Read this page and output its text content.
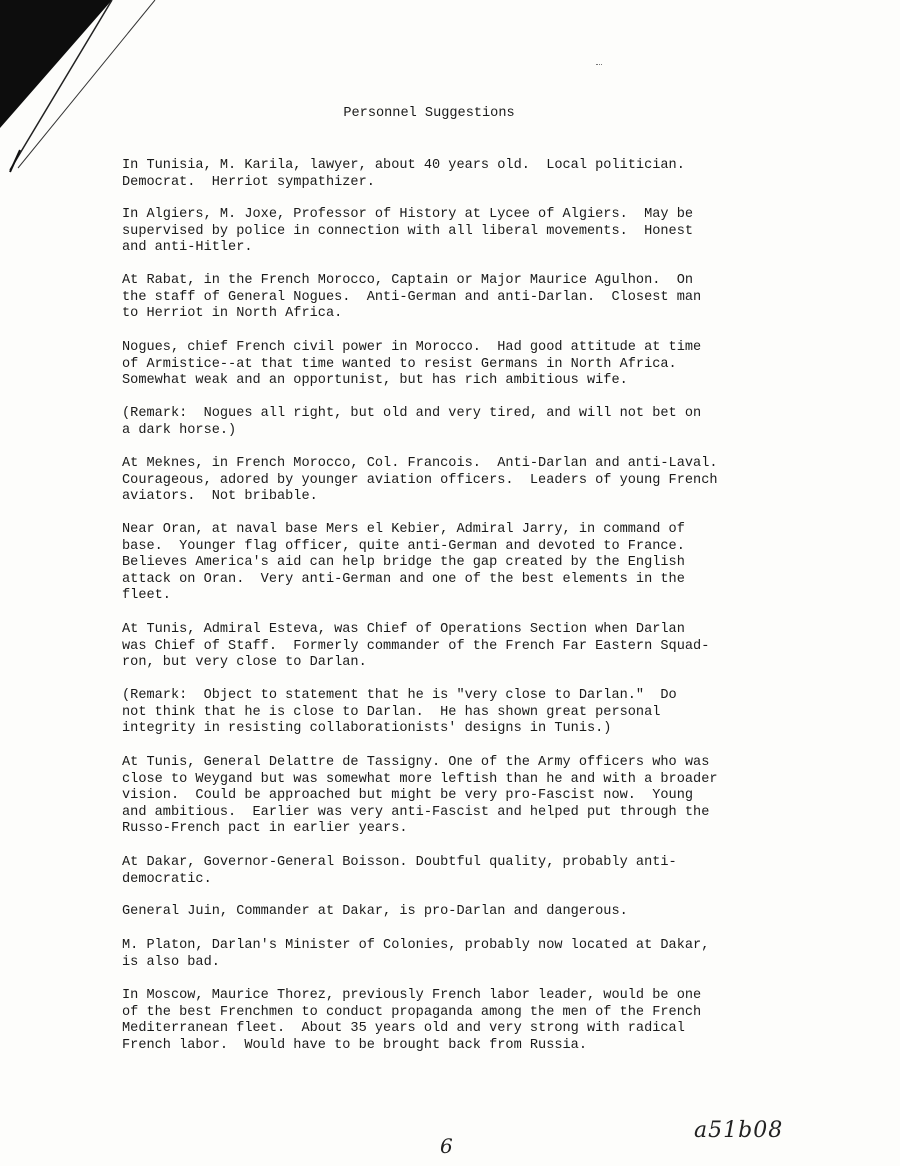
Personnel Suggestions
In Tunisia, M. Karila, lawyer, about 40 years old.  Local politician.
Democrat.  Herriot sympathizer.
In Algiers, M. Joxe, Professor of History at Lycee of Algiers.  May be
supervised by police in connection with all liberal movements.  Honest
and anti-Hitler.
At Rabat, in the French Morocco, Captain or Major Maurice Agulhon.  On
the staff of General Nogues.  Anti-German and anti-Darlan.  Closest man
to Herriot in North Africa.
Nogues, chief French civil power in Morocco.  Had good attitude at time
of Armistice--at that time wanted to resist Germans in North Africa.
Somewhat weak and an opportunist, but has rich ambitious wife.
(Remark:  Nogues all right, but old and very tired, and will not bet on
a dark horse.)
At Meknes, in French Morocco, Col. Francois.  Anti-Darlan and anti-Laval.
Courageous, adored by younger aviation officers.  Leaders of young French
aviators.  Not bribable.
Near Oran, at naval base Mers el Kebier, Admiral Jarry, in command of
base.  Younger flag officer, quite anti-German and devoted to France.
Believes America's aid can help bridge the gap created by the English
attack on Oran.  Very anti-German and one of the best elements in the
fleet.
At Tunis, Admiral Esteva, was Chief of Operations Section when Darlan
was Chief of Staff.  Formerly commander of the French Far Eastern Squad-
ron, but very close to Darlan.
(Remark:  Object to statement that he is "very close to Darlan."  Do
not think that he is close to Darlan.  He has shown great personal
integrity in resisting collaborationists' designs in Tunis.)
At Tunis, General Delattre de Tassigny. One of the Army officers who was
close to Weygand but was somewhat more leftish than he and with a broader
vision.  Could be approached but might be very pro-Fascist now.  Young
and ambitious.  Earlier was very anti-Fascist and helped put through the
Russo-French pact in earlier years.
At Dakar, Governor-General Boisson. Doubtful quality, probably anti-
democratic.
General Juin, Commander at Dakar, is pro-Darlan and dangerous.
M. Platon, Darlan's Minister of Colonies, probably now located at Dakar,
is also bad.
In Moscow, Maurice Thorez, previously French labor leader, would be one
of the best Frenchmen to conduct propaganda among the men of the French
Mediterranean fleet.  About 35 years old and very strong with radical
French labor.  Would have to be brought back from Russia.
6
a51b08
